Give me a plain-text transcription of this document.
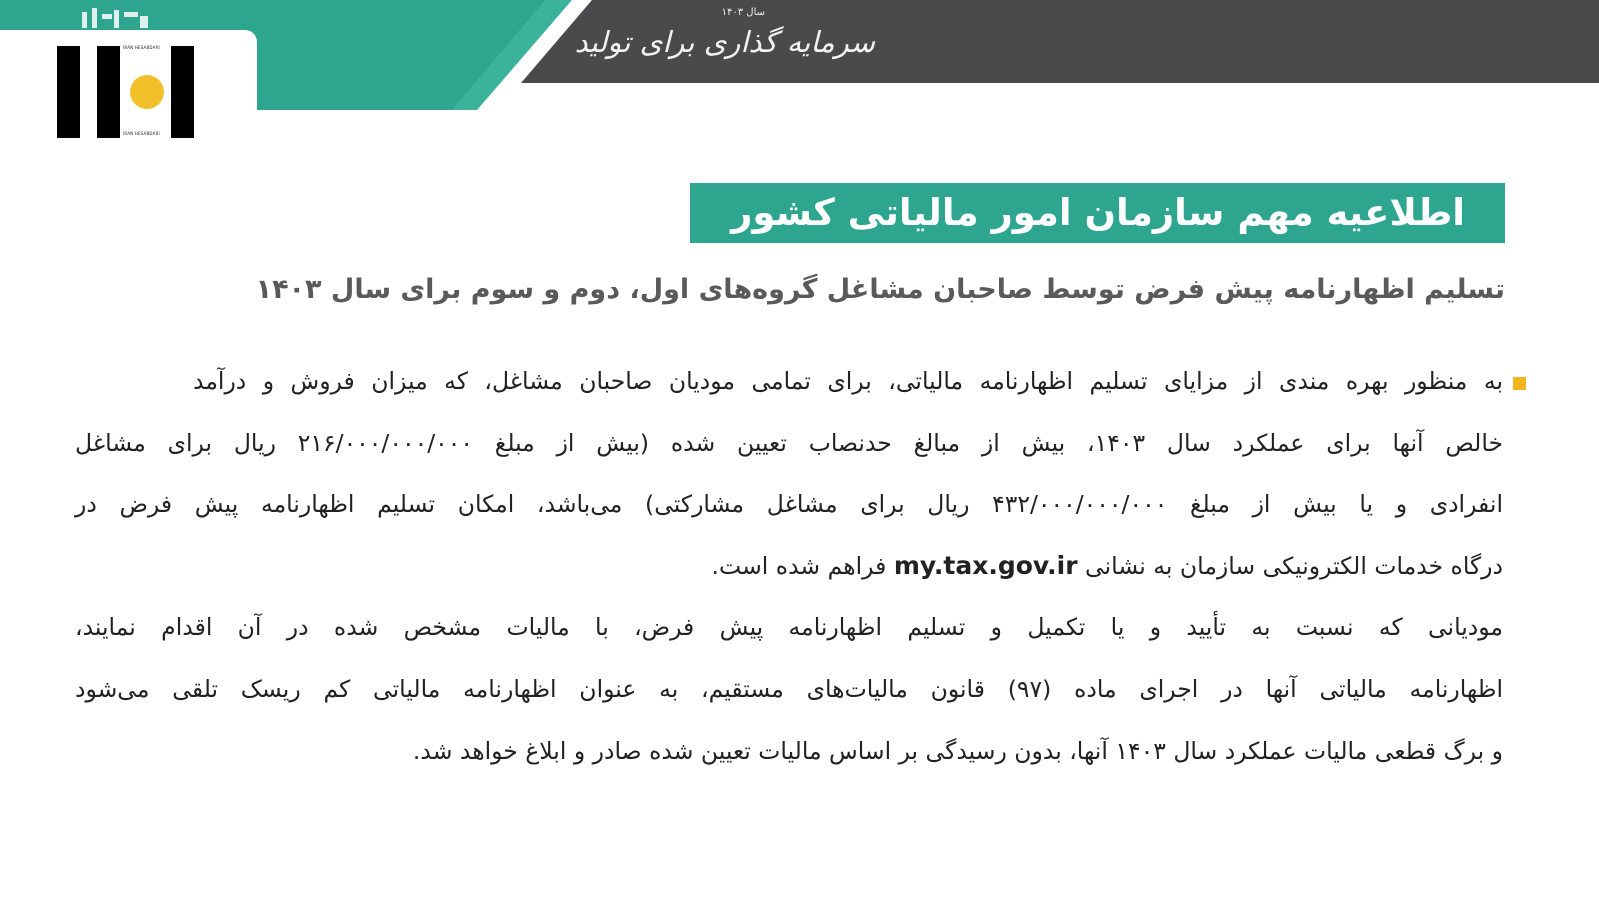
IRAN HESABDARI
IRAN HESABDARI
سرمایه گذاری برای تولید
سال ۱۴۰۳
اطلاعیه مهم سازمان امور مالیاتی کشور
تسلیم اظهارنامه پیش فرض توسط صاحبان مشاغل گروه‌های اول، دوم و سوم برای سال ۱۴۰۳
به منظور بهره مندی از مزایای تسلیم اظهارنامه مالیاتی، برای تمامی مودیان صاحبان مشاغل، که میزان فروش و درآمد
خالص آنها برای عملکرد سال ۱۴۰۳، بیش از مبالغ حدنصاب تعیین شده (بیش از مبلغ ۲۱۶/۰۰۰/۰۰۰/۰۰۰ ریال برای مشاغل
انفرادی و یا بیش از مبلغ ۴۳۲/۰۰۰/۰۰۰/۰۰۰ ریال برای مشاغل مشارکتی) می‌باشد، امکان تسلیم اظهارنامه پیش فرض در
درگاه خدمات الکترونیکی سازمان به نشانی my.tax.gov.ir فراهم شده است.
مودیانی که نسبت به تأیید و یا تکمیل و تسلیم اظهارنامه پیش فرض، با مالیات مشخص شده در آن اقدام نمایند،
اظهارنامه مالیاتی آنها در اجرای ماده (۹۷) قانون مالیات‌های مستقیم، به عنوان اظهارنامه مالیاتی کم ریسک تلقی می‌شود
و برگ قطعی مالیات عملکرد سال ۱۴۰۳ آنها، بدون رسیدگی بر اساس مالیات تعیین شده صادر و ابلاغ خواهد شد.
